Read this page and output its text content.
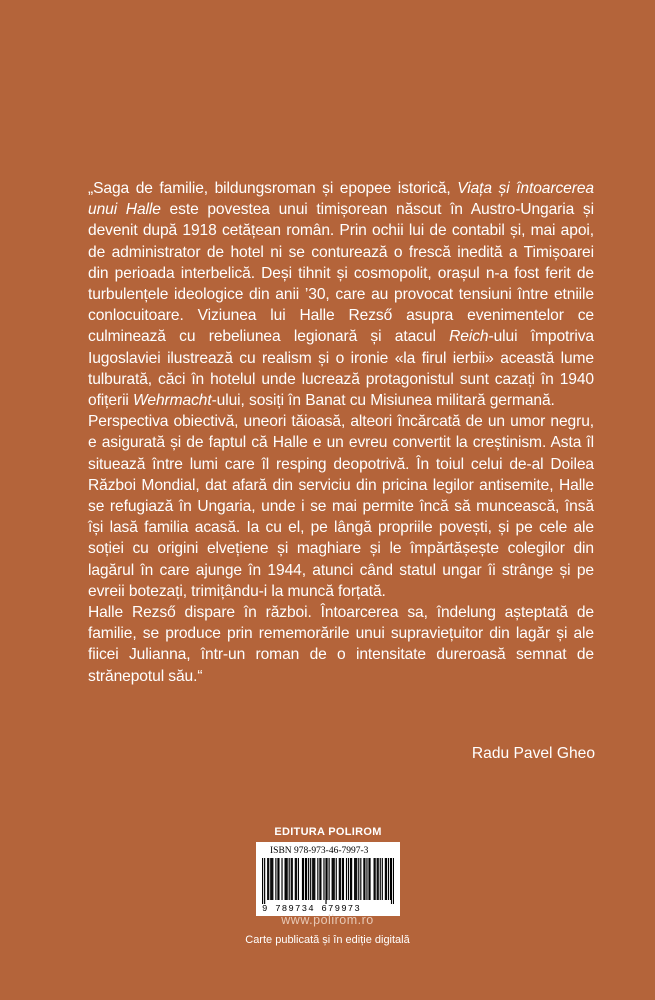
„Saga de familie, bildungsroman și epopee istorică, Viața și întoarcerea unui Halle este povestea unui timișorean născut în Austro-Ungaria și devenit după 1918 cetățean român. Prin ochii lui de contabil și, mai apoi, de administrator de hotel ni se conturează o frescă inedită a Timișoarei din perioada interbelică. Deși tihnit și cosmopolit, orașul n-a fost ferit de turbulențele ideologice din anii ’30, care au provocat tensiuni între etniile conlocuitoare. Viziunea lui Halle Rezső asupra evenimentelor ce culminează cu rebeliunea legionară și atacul Reich-ului împotriva Iugoslaviei ilustrează cu realism și o ironie «la firul ierbii» această lume tulburată, căci în hotelul unde lucrează protagonistul sunt cazați în 1940 ofițerii Wehrmacht-ului, sosiți în Banat cu Misiunea militară germană.

Perspectiva obiectivă, uneori tăioasă, alteori încărcată de un umor negru, e asigurată și de faptul că Halle e un evreu convertit la creștinism. Asta îl situează între lumi care îl resping deopotrivă. În toiul celui de-al Doilea Război Mondial, dat afară din serviciu din pricina legilor antisemite, Halle se refugiază în Ungaria, unde i se mai permite încă să muncească, însă își lasă familia acasă. Ia cu el, pe lângă propriile povești, și pe cele ale soției cu origini elvețiene și maghiare și le împărtășește colegilor din lagărul în care ajunge în 1944, atunci când statul ungar îi strânge și pe evreii botezați, trimițându-i la muncă forțată.

Halle Rezső dispare în război. Întoarcerea sa, îndelung așteptată de familie, se produce prin rememorările unui supraviețuitor din lagăr și ale fiicei Julianna, într-un roman de o intensitate dureroasă semnat de strănepotul său.“

Radu Pavel Gheo
EDITURA POLIROM
ISBN 978-973-46-7997-3
9 789734 679973
www.polirom.ro
Carte publicată și în ediție digitală
